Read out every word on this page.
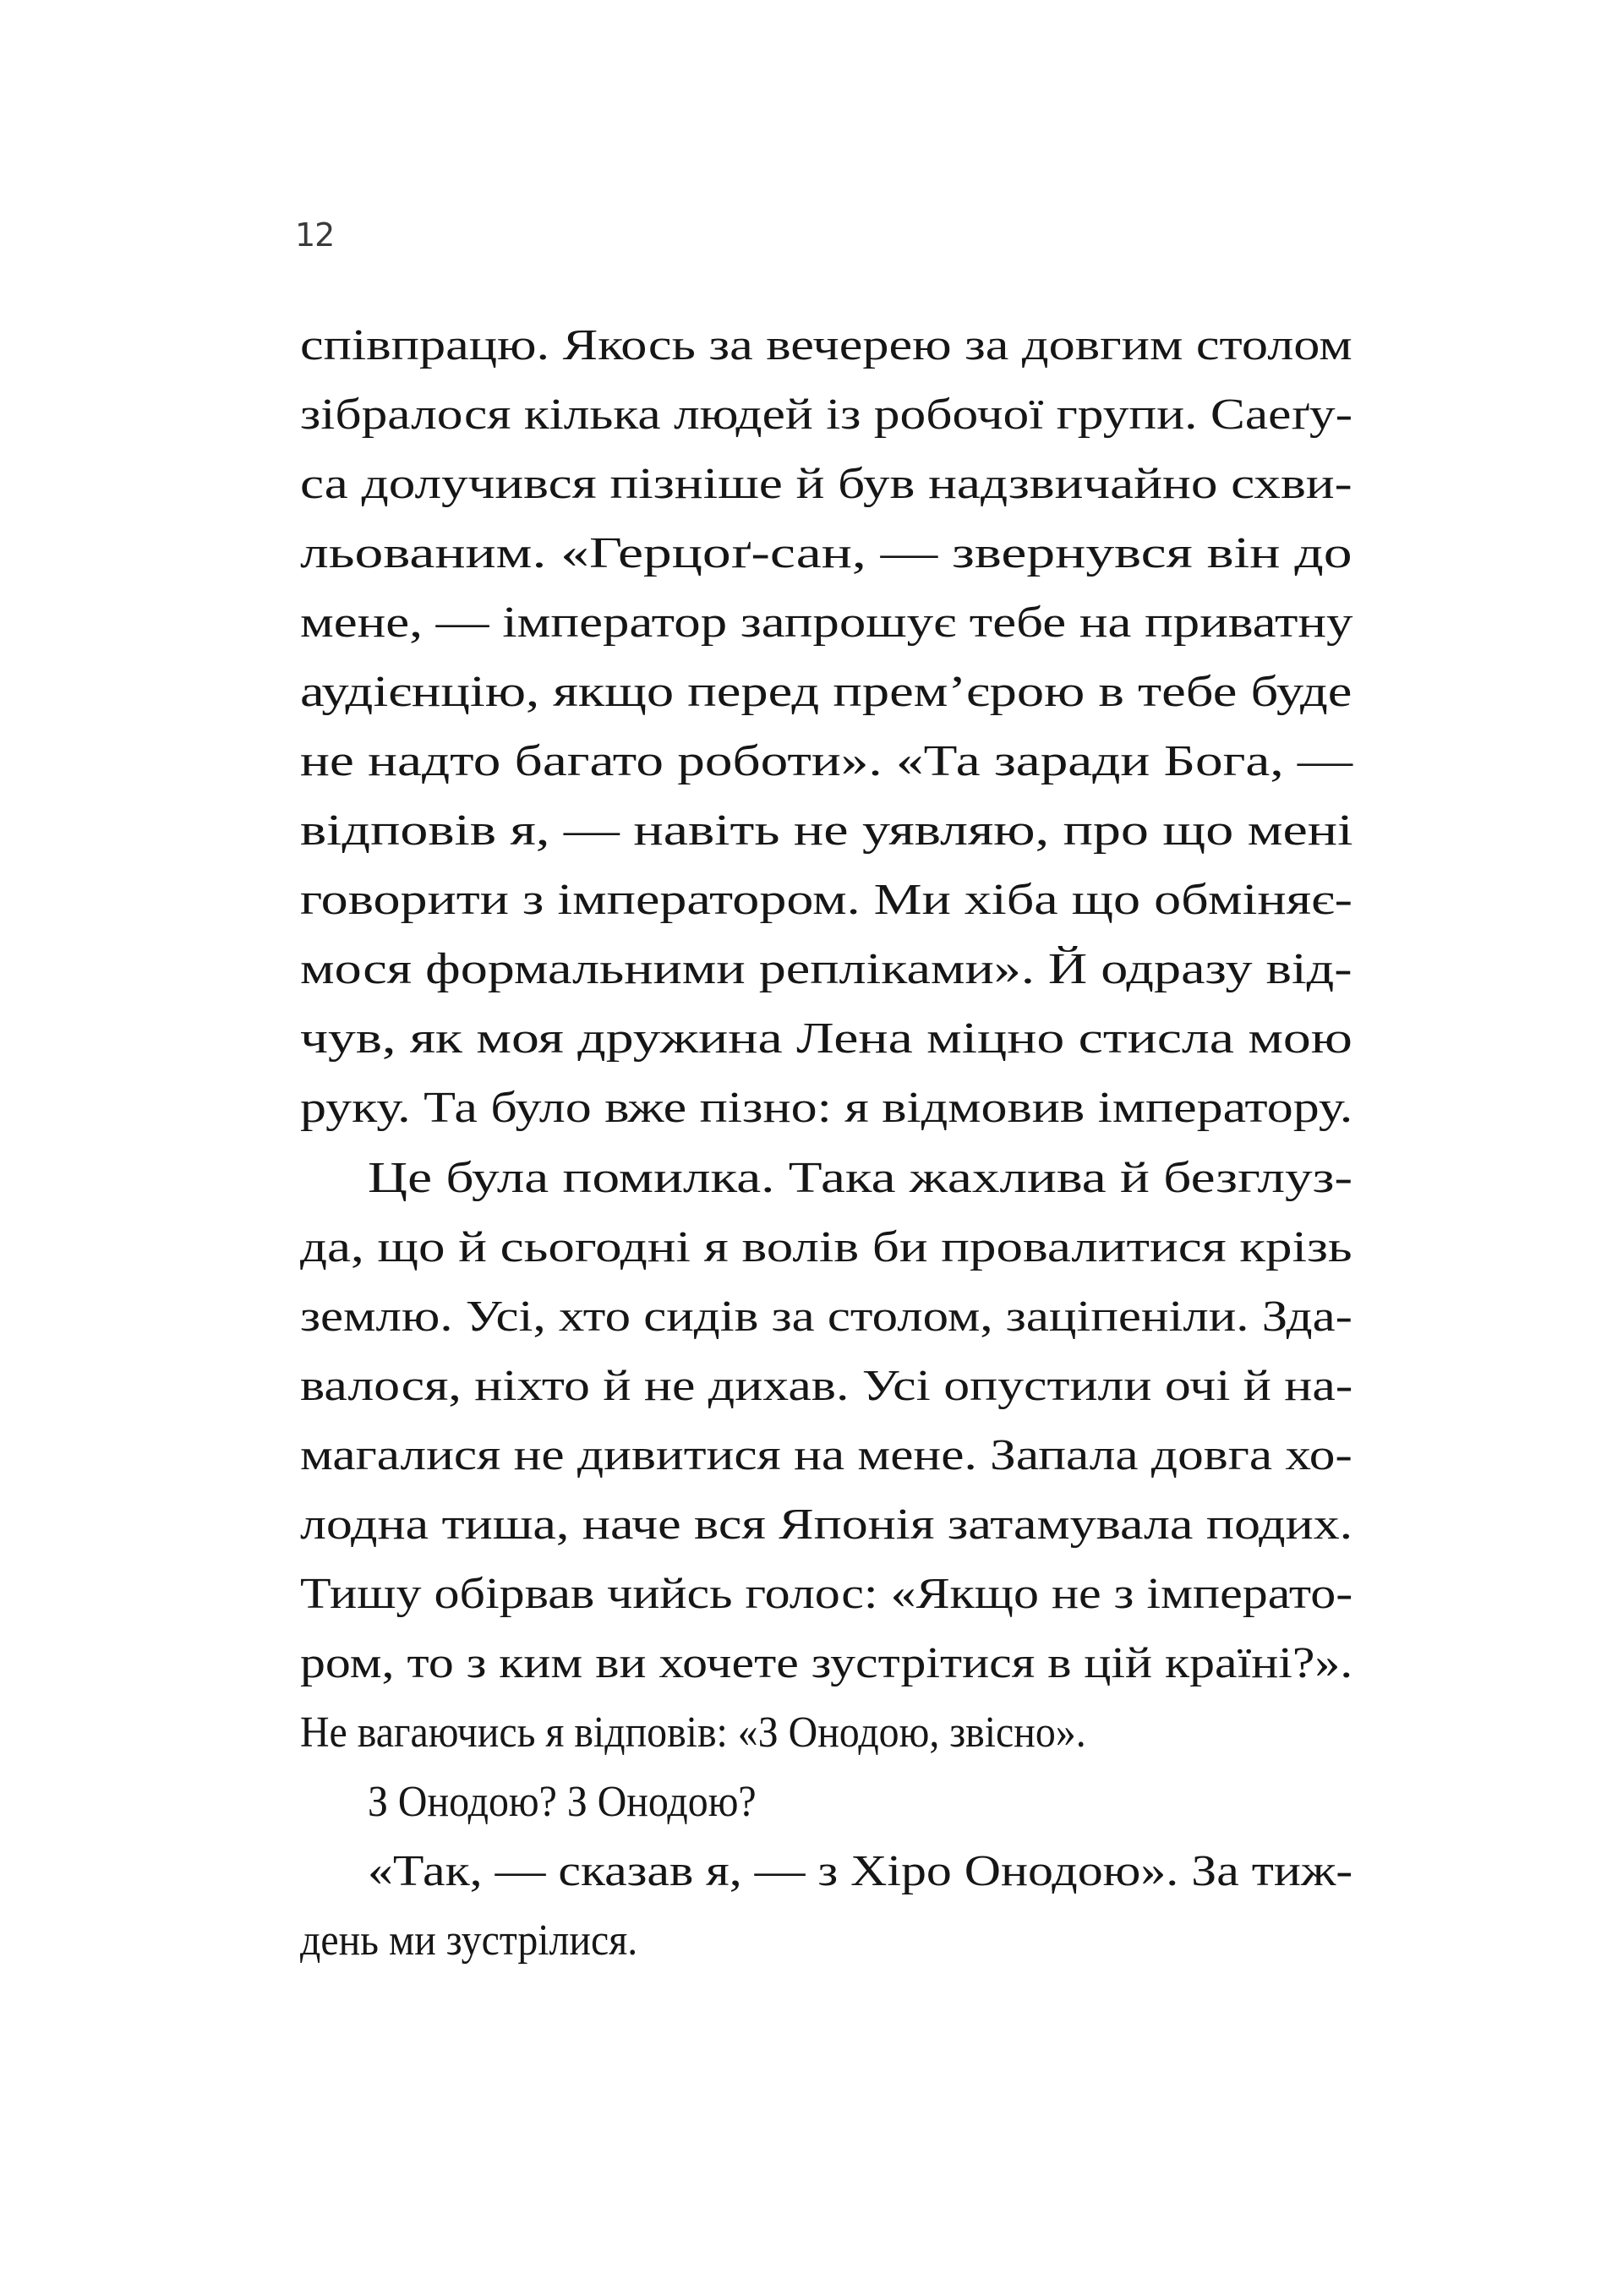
12
співпрацю. Якось за вечерею за довгим столом
зібралося кілька людей із робочої групи. Саеґу-
са долучився пізніше й був надзвичайно схви-
льованим. «Герцоґ-сан, — звернувся він до
мене, — імператор запрошує тебе на приватну
аудієнцію, якщо перед прем’єрою в тебе буде
не надто багато роботи». «Та заради Бога, —
відповів я, — навіть не уявляю, про що мені
говорити з імператором. Ми хіба що обміняє-
мося формальними репліками». Й одразу від-
чув, як моя дружина Лена міцно стисла мою
руку. Та було вже пізно: я відмовив імператору.
Це була помилка. Така жахлива й безглуз-
да, що й сьогодні я волів би провалитися крізь
землю. Усі, хто сидів за столом, заціпеніли. Зда-
валося, ніхто й не дихав. Усі опустили очі й на-
магалися не дивитися на мене. Запала довга хо-
лодна тиша, наче вся Японія затамувала подих.
Тишу обірвав чийсь голос: «Якщо не з імперато-
ром, то з ким ви хочете зустрітися в цій країні?».
Не вагаючись я відповів: «З Онодою, звісно».
З Онодою? З Онодою?
«Так, — сказав я, — з Хіро Онодою». За тиж-
день ми зустрілися.
